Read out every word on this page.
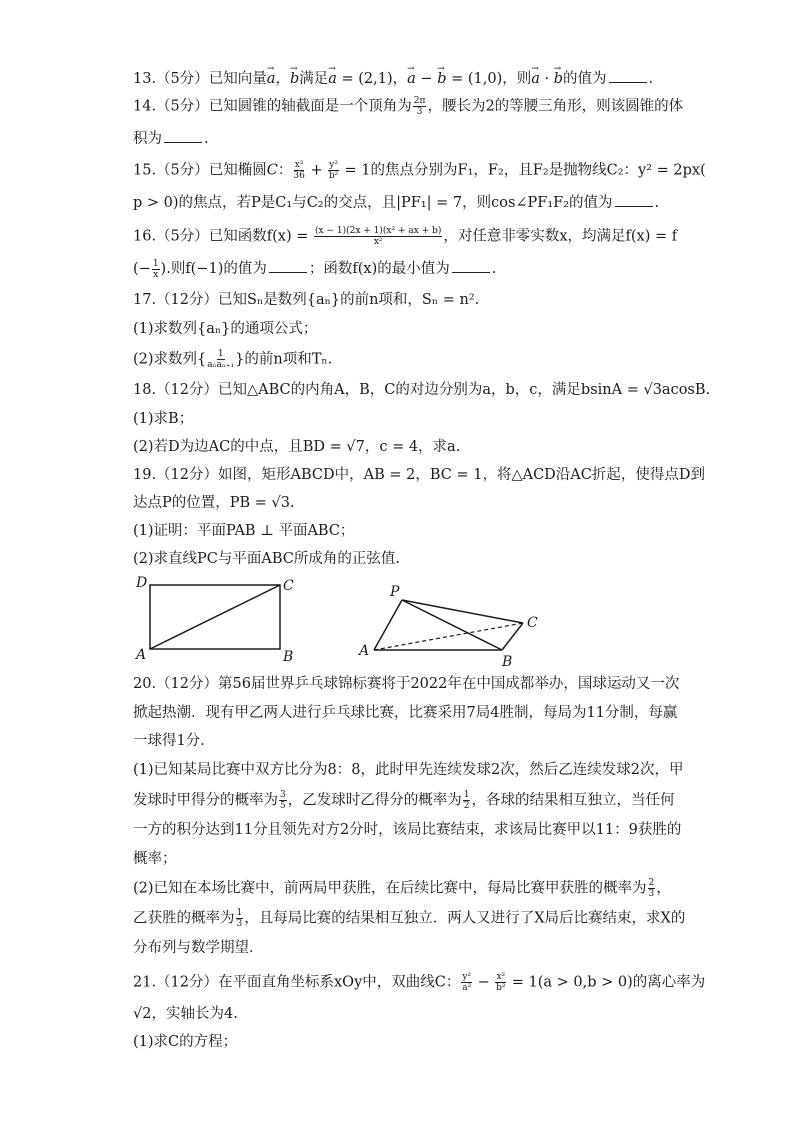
13.（5分）已知向量→ a，→ b满足→ a = (2,1)，→ a − → b = (1,0)，则→ a · → b的值为	.
14.（5分）已知圆锥的轴截面是一个顶角为 $\frac{2\pi}{3}$ ，腰长为2的等腰三角形，则该圆锥的体
积为	.
15.（5分）已知椭圆C： $\frac{\text{x²}}{36} + \frac{\text{y²}}{\text{b²}} = 1$的焦点分别为F₁，F₂，且F₂是抛物线C₂：y² = 2px(
p > 0)的焦点，若P是C₁与C₂的交点，且|PF₁| = 7，则cos∠PF₁F₂的值为	.
16.（5分）已知函数$f(x) = \frac{\text{(x − 1)(2x + 1)(x² + ax + b)}}{\text{x²}}$ ，对任意非零实数x，均满足f(x) = f
(− $\frac{1}{x}$ ).则f(−1)的值为	；函数f(x)的最小值为	.
17.（12分）已知Sₙ是数列{aₙ}的前n项和，Sₙ = n².
(1)求数列{aₙ}的通项公式；
(2)求数列{ $\frac{1}{\text{aₙaₙ₊₁}}$ }的前n项和Tₙ.
18.（12分）已知△ABC的内角A，B，C的对边分别为a，b，c，满足bsinA = √3acosB.
(1)求B；
(2)若D为边AC的中点，且BD = √7，c = 4，求a.
19.（12分）如图，矩形ABCD中，AB = 2，BC = 1，将△ACD沿AC折起，使得点D到
达点P的位置，PB = √3.
(1)证明：平面PAB ⊥ 平面ABC；
(2)求直线PC与平面ABC所成角的正弦值.
D	C
A	B
P
C
A
B
20.（12分）第56届世界乒乓球锦标赛将于2022年在中国成都举办，国球运动又一次
掀起热潮．现有甲乙两人进行乒乓球比赛，比赛采用7局4胜制，每局为11分制，每赢
一球得1分．
(1)已知某局比赛中双方比分为8：8，此时甲先连续发球2次，然后乙连续发球2次，甲
发球时甲得分的概率为 $\frac{3}{5}$ ，乙发球时乙得分的概率为 $\frac{1}{2}$ ，各球的结果相互独立，当任何
一方的积分达到11分且领先对方2分时，该局比赛结束，求该局比赛甲以11：9获胜的
概率；
(2)已知在本场比赛中，前两局甲获胜，在后续比赛中，每局比赛甲获胜的概率为 $\frac{2}{3}$ ，
乙获胜的概率为 $\frac{1}{3}$ ，且每局比赛的结果相互独立．两人又进行了X局后比赛结束，求X的
分布列与数学期望．
21.（12分）在平面直角坐标系xOy中，双曲线C： $\frac{\text{y²}}{\text{a²}} - \frac{\text{x²}}{\text{b²}} = 1(a > 0,b > 0)$的离心率为
√2，实轴长为4.
(1)求C的方程；
